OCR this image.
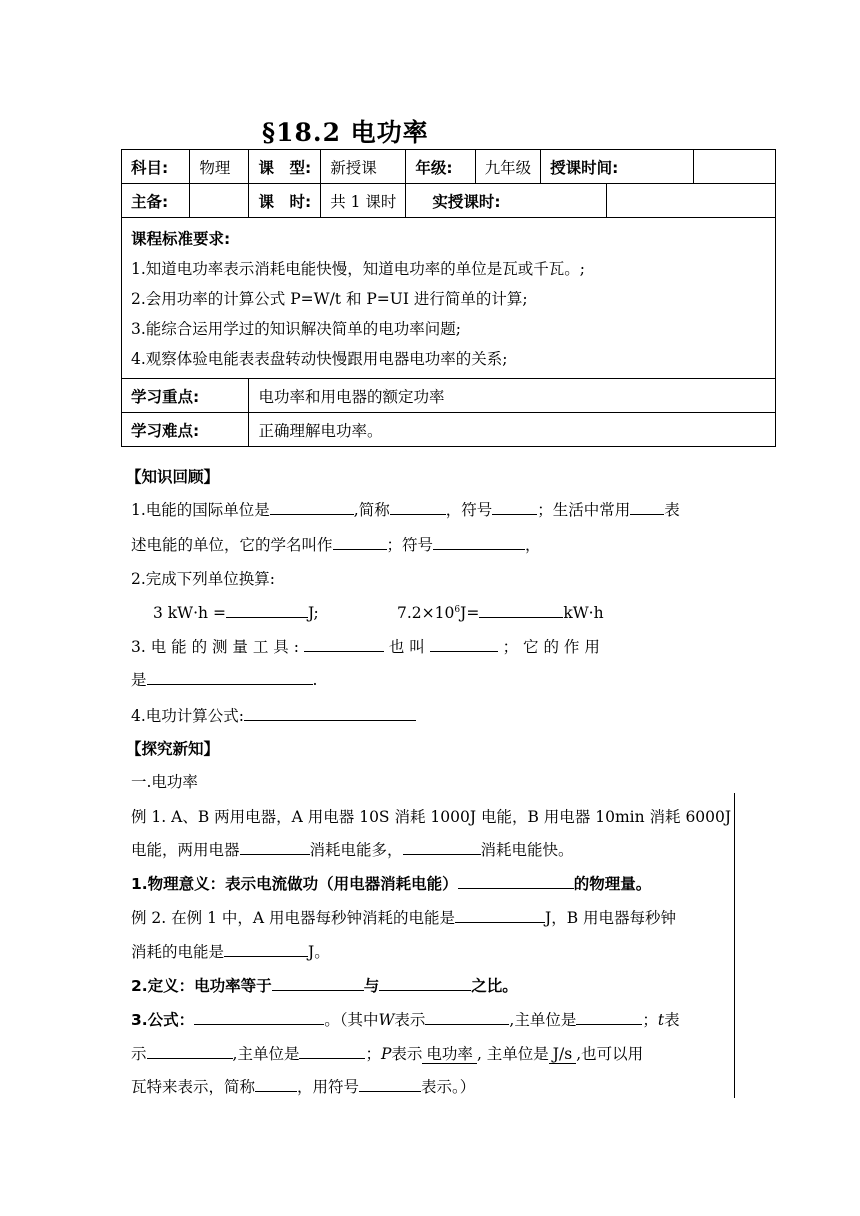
§18.2 电功率
科目:	物理	课　型:	新授课	年级:	九年级	授课时间:		
主备:		课　时:	共 1 课时	实授课时:				

课程标准要求:
1.知道电功率表示消耗电能快慢，知道电功率的单位是瓦或千瓦。;
2.会用功率的计算公式 P=W/t 和 P=UI 进行简单的计算;
3.能综合运用学过的知识解决简单的电功率问题;
4.观察体验电能表表盘转动快慢跟用电器电功率的关系;								

学习重点:		电功率和用电器的额定功率						
学习难点:		正确理解电功率。						
【知识回顾】
1.电能的国际单位是	,简称	，符号	；生活中常用 表
述电能的单位，它的学名叫作	；符号	，
2.完成下列单位换算:
3 kW·h =	J;	$7.2\times 10^6J=$	kW·h
3. 电 能 的 测 量 工 具 :	也 叫	； 它 的 作 用
是	.
4.电功计算公式:
【探究新知】
一.电功率
例 1. A、B 两用电器，A 用电器 10S 消耗 1000J 电能，B 用电器 10min 消耗 6000J
电能，两用电器	消耗电能多，	消耗电能快。
1.物理意义：表示电流做功（用电器消耗电能）	的物理量。
例 2. 在例 1 中，A 用电器每秒钟消耗的电能是	J，B 用电器每秒钟
消耗的电能是	J。
2.定义：电功率等于	与	之比。
3.公式：	。（其中W表示	,主单位是	；t表
示	,主单位是	；P表示 电功率 , 主单位是 J/s ,也可以用
瓦特来表示，简称	，用符号	表示。）
